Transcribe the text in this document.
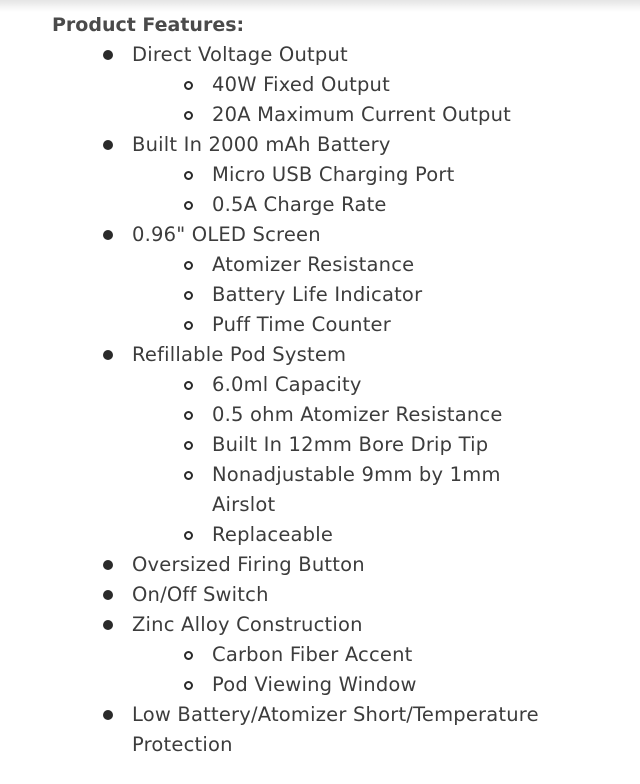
Product Features:
Direct Voltage Output
40W Fixed Output
20A Maximum Current Output
Built In 2000 mAh Battery
Micro USB Charging Port
0.5A Charge Rate
0.96" OLED Screen
Atomizer Resistance
Battery Life Indicator
Puff Time Counter
Refillable Pod System
6.0ml Capacity
0.5 ohm Atomizer Resistance
Built In 12mm Bore Drip Tip
Nonadjustable 9mm by 1mm Airslot
Replaceable
Oversized Firing Button
On/Off Switch
Zinc Alloy Construction
Carbon Fiber Accent
Pod Viewing Window
Low Battery/Atomizer Short/Temperature Protection
